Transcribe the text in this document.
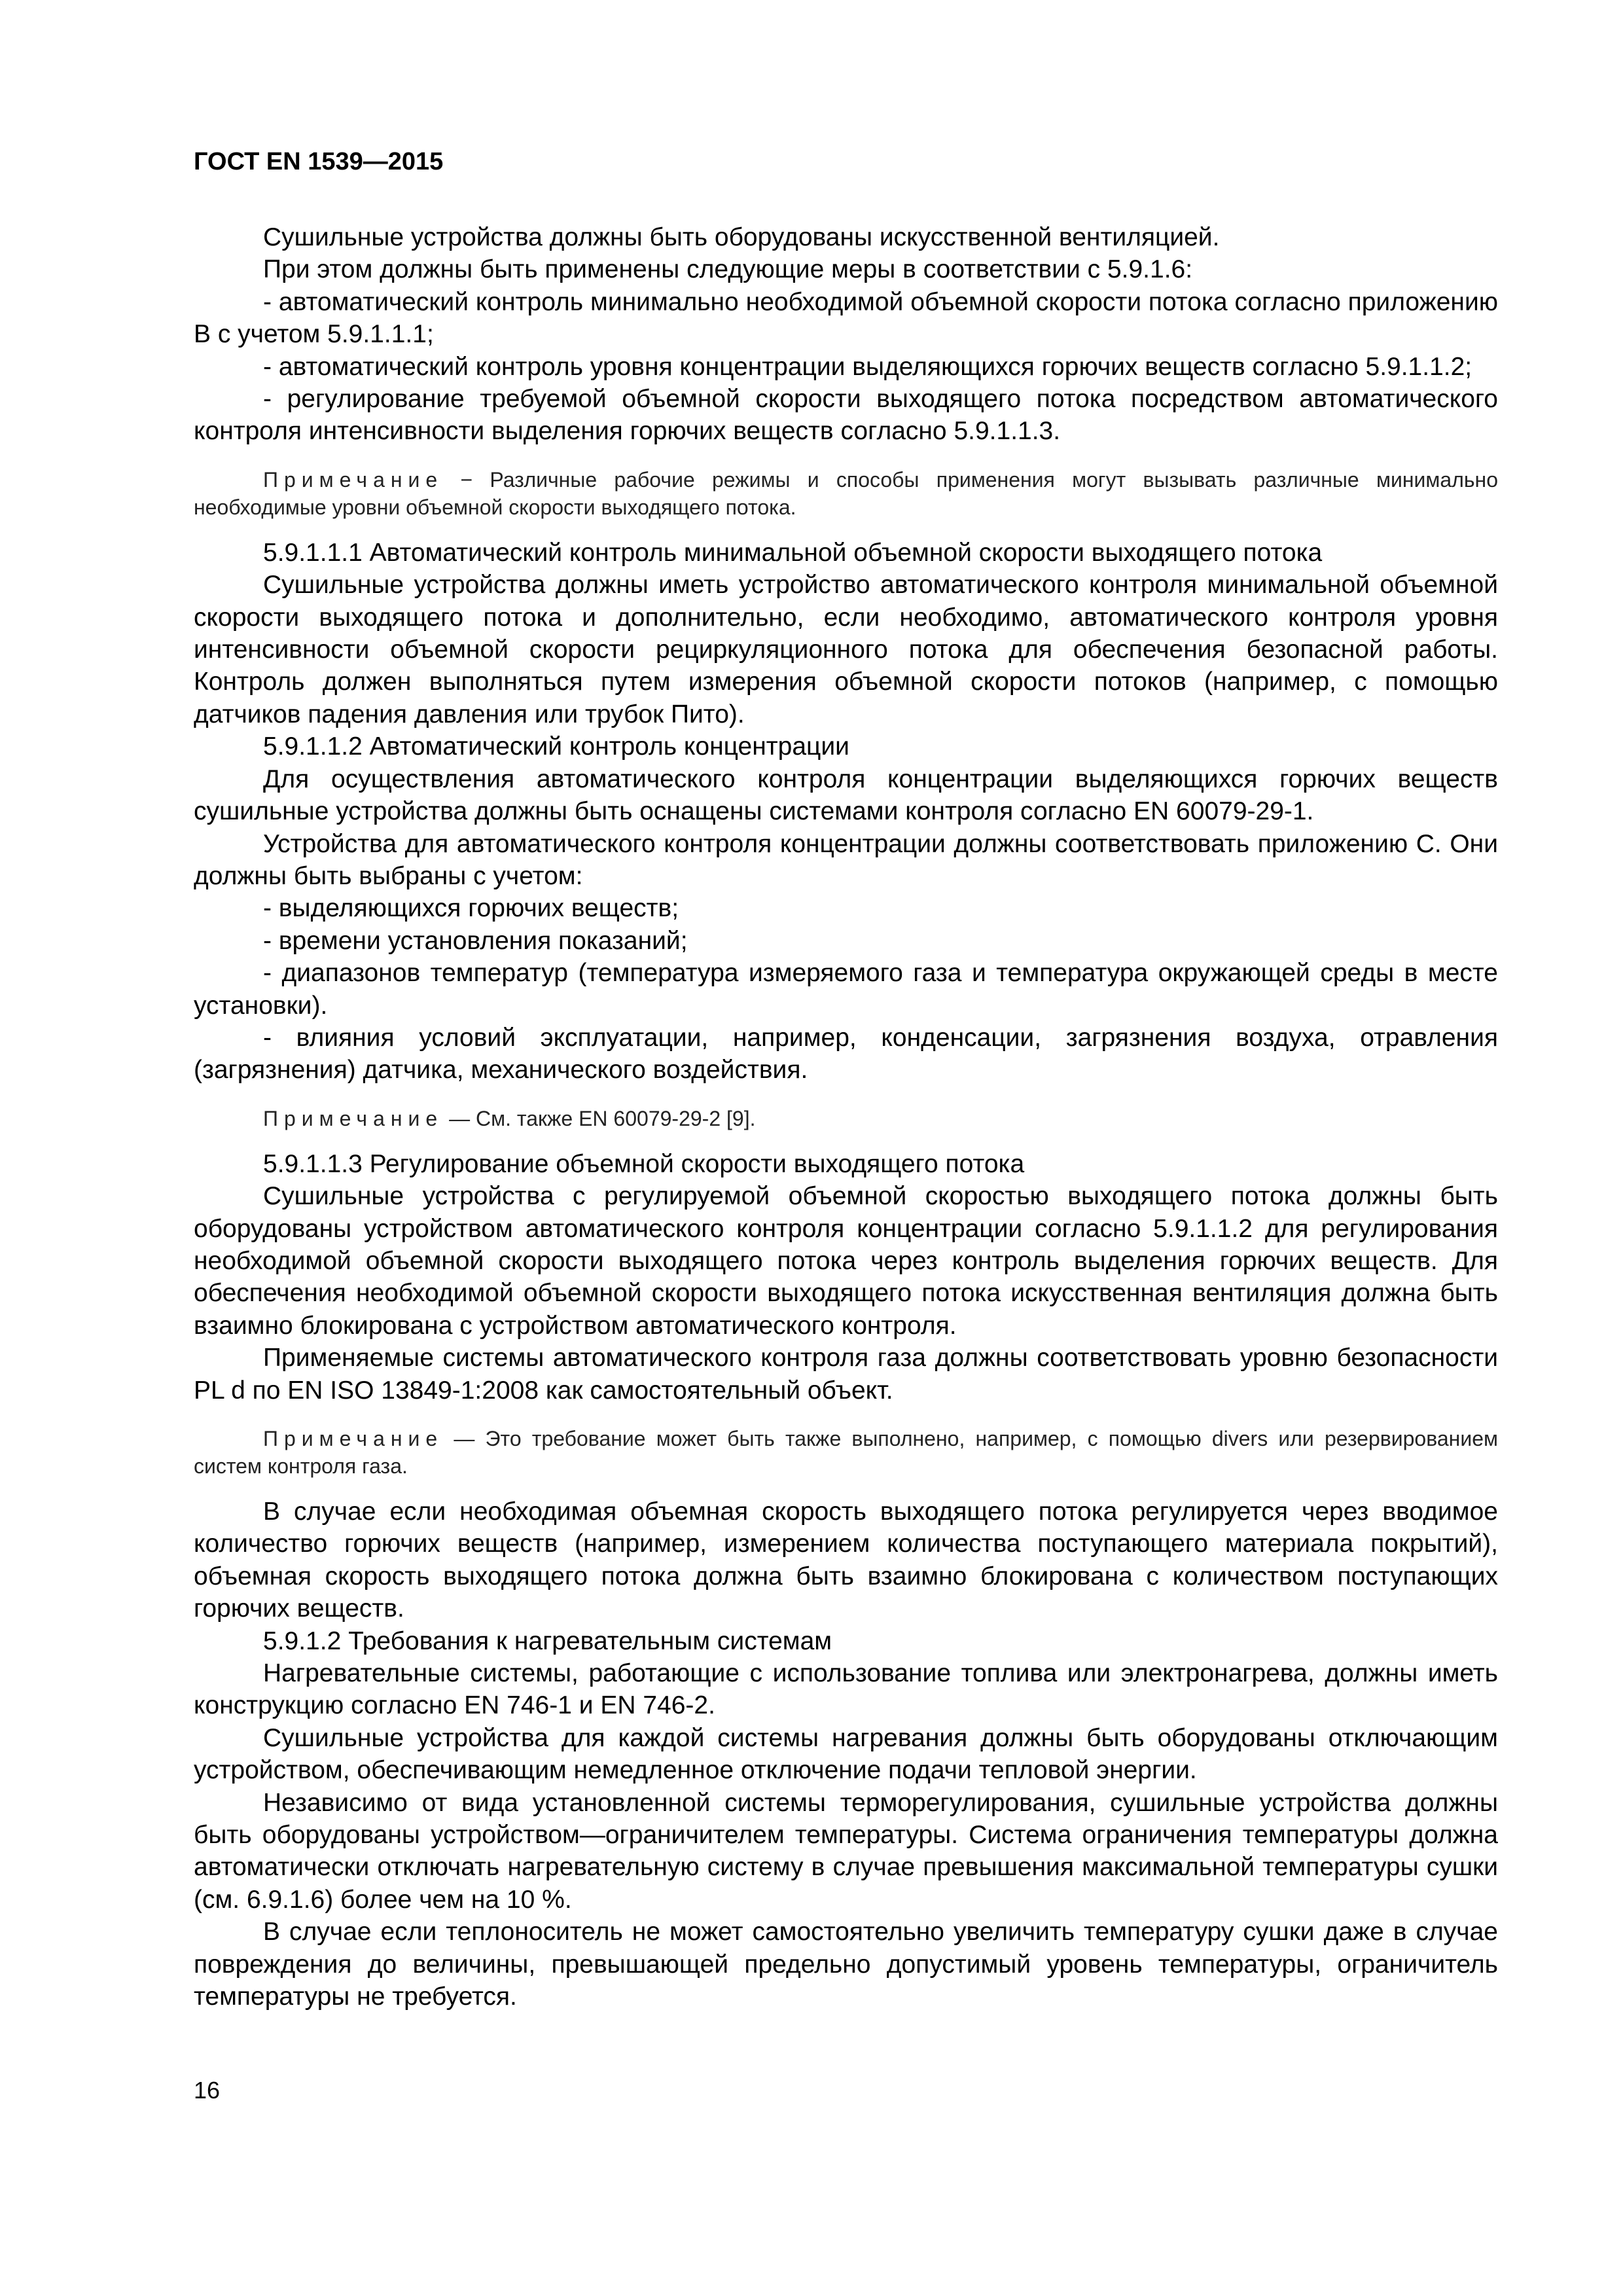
ГОСТ EN 1539—2015

Сушильные устройства должны быть оборудованы искусственной вентиляцией.

При этом должны быть применены следующие меры в соответствии с 5.9.1.6:

- автоматический контроль минимально необходимой объемной скорости потока согласно приложению В с учетом 5.9.1.1.1;

- автоматический контроль уровня концентрации выделяющихся горючих веществ согласно 5.9.1.1.2;

- регулирование требуемой объемной скорости выходящего потока посредством автоматического контроля интенсивности выделения горючих веществ согласно 5.9.1.1.3.

Примечание − Различные рабочие режимы и способы применения могут вызывать различные минимально необходимые уровни объемной скорости выходящего потока.

5.9.1.1.1 Автоматический контроль минимальной объемной скорости выходящего потока

Сушильные устройства должны иметь устройство автоматического контроля минимальной объемной скорости выходящего потока и дополнительно, если необходимо, автоматического контроля уровня интенсивности объемной скорости рециркуляционного потока для обеспечения безопасной работы. Контроль должен выполняться путем измерения объемной скорости потоков (например, с помощью датчиков падения давления или трубок Пито).

5.9.1.1.2 Автоматический контроль концентрации

Для осуществления автоматического контроля концентрации выделяющихся горючих веществ сушильные устройства должны быть оснащены системами контроля согласно EN 60079-29-1.

Устройства для автоматического контроля концентрации должны соответствовать приложению С. Они должны быть выбраны с учетом:

- выделяющихся горючих веществ;

- времени установления показаний;

- диапазонов температур (температура измеряемого газа и температура окружающей среды в месте установки).

- влияния условий эксплуатации, например, конденсации, загрязнения воздуха, отравления (загрязнения) датчика, механического воздействия.

Примечание — См. также EN 60079-29-2 [9].

5.9.1.1.3 Регулирование объемной скорости выходящего потока

Сушильные устройства с регулируемой объемной скоростью выходящего потока должны быть оборудованы устройством автоматического контроля концентрации согласно 5.9.1.1.2 для регулирования необходимой объемной скорости выходящего потока через контроль выделения горючих веществ. Для обеспечения необходимой объемной скорости выходящего потока искусственная вентиляция должна быть взаимно блокирована с устройством автоматического контроля.

Применяемые системы автоматического контроля газа должны соответствовать уровню безопасности PL d по EN ISO 13849-1:2008 как самостоятельный объект.

Примечание — Это требование может быть также выполнено, например, с помощью divers или резервированием систем контроля газа.

В случае если необходимая объемная скорость выходящего потока регулируется через вводимое количество горючих веществ (например, измерением количества поступающего материала покрытий), объемная скорость выходящего потока должна быть взаимно блокирована с количеством поступающих горючих веществ.

5.9.1.2 Требования к нагревательным системам

Нагревательные системы, работающие с использование топлива или электронагрева, должны иметь конструкцию согласно EN 746-1 и EN 746-2.

Сушильные устройства для каждой системы нагревания должны быть оборудованы отключающим устройством, обеспечивающим немедленное отключение подачи тепловой энергии.

Независимо от вида установленной системы терморегулирования, сушильные устройства должны быть оборудованы устройством—ограничителем температуры. Система ограничения температуры должна автоматически отключать нагревательную систему в случае превышения максимальной температуры сушки (см. 6.9.1.6) более чем на 10 %.

В случае если теплоноситель не может самостоятельно увеличить температуру сушки даже в случае повреждения до величины, превышающей предельно допустимый уровень температуры, ограничитель температуры не требуется.

16
